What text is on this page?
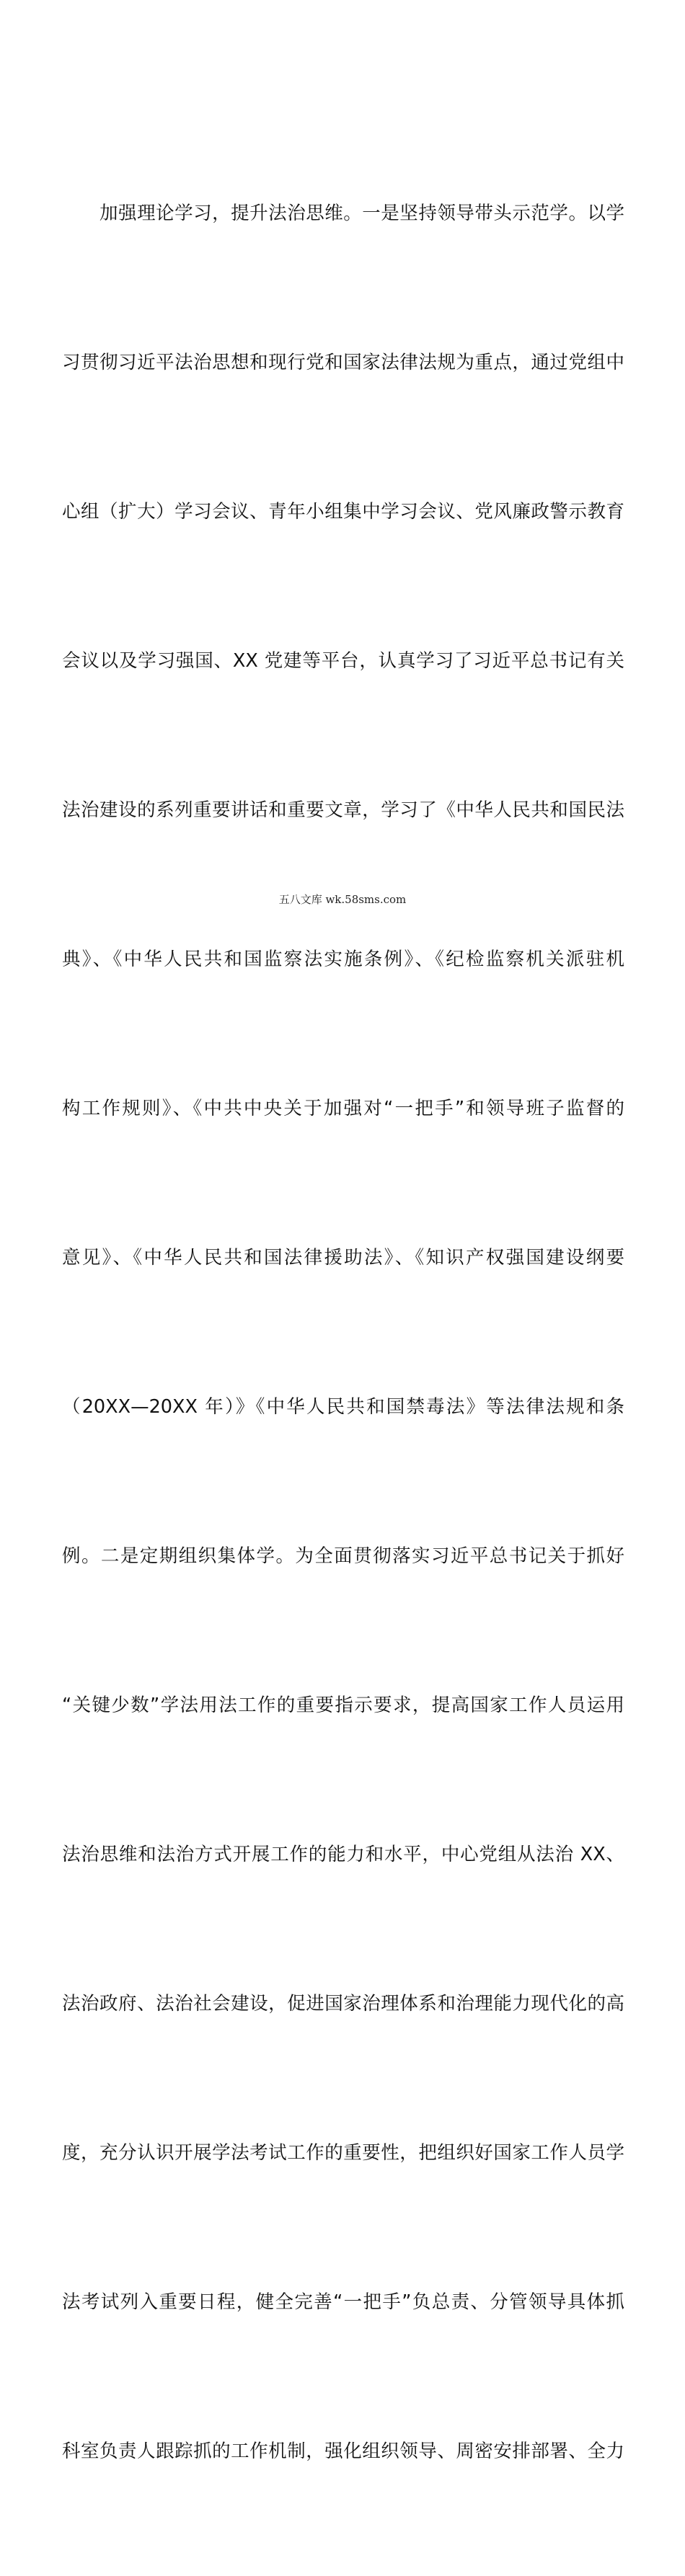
　　加强理论学习，提升法治思维。一是坚持领导带头示范学。以学

习贯彻习近平法治思想和现行党和国家法律法规为重点，通过党组中

心组（扩大）学习会议、青年小组集中学习会议、党风廉政警示教育

会议以及学习强国、XX 党建等平台，认真学习了习近平总书记有关

法治建设的系列重要讲话和重要文章，学习了《中华人民共和国民法

典》、《中华人民共和国监察法实施条例》、《纪检监察机关派驻机

构工作规则》、《中共中央关于加强对“一把手”和领导班子监督的

意见》、《中华人民共和国法律援助法》、《知识产权强国建设纲要

（20XX—20XX 年）》《中华人民共和国禁毒法》等法律法规和条

例。二是定期组织集体学。为全面贯彻落实习近平总书记关于抓好

“关键少数”学法用法工作的重要指示要求，提高国家工作人员运用

法治思维和法治方式开展工作的能力和水平，中心党组从法治 XX、

法治政府、法治社会建设，促进国家治理体系和治理能力现代化的高

度，充分认识开展学法考试工作的重要性，把组织好国家工作人员学

法考试列入重要日程，健全完善“一把手”负总责、分管领导具体抓

科室负责人跟踪抓的工作机制，强化组织领导、周密安排部署、全力

五八文库 wk.58sms.com
